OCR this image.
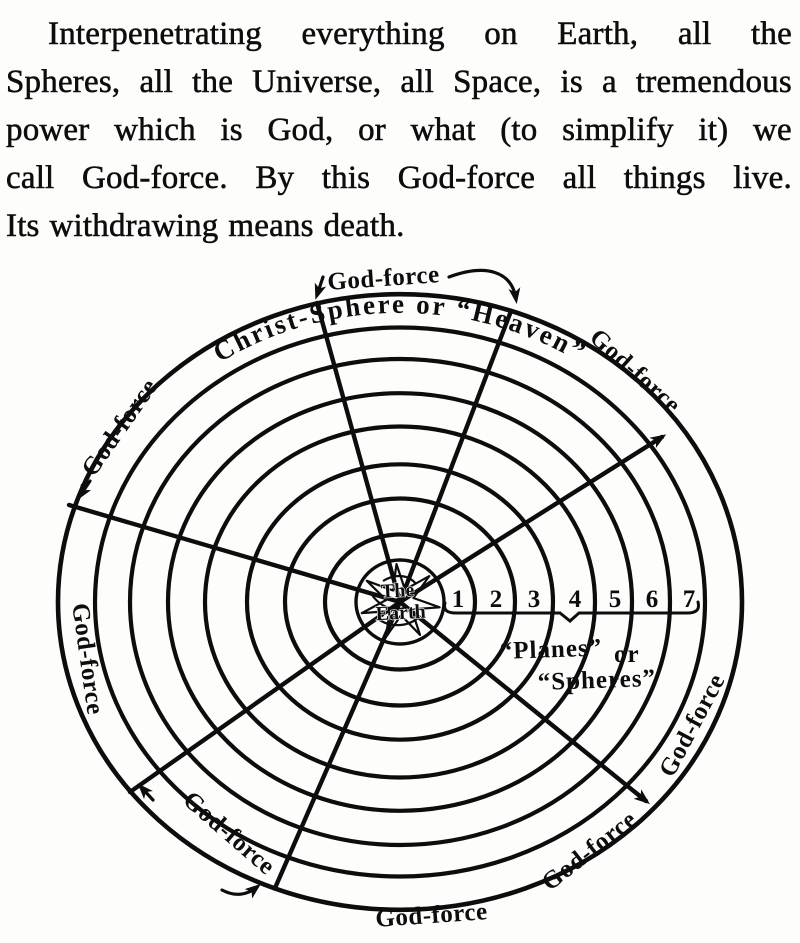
Interpenetrating everything on Earth, all the
Spheres, all the Universe, all Space, is a tremendous
power which is God, or what (to simplify it) we
call God-force. By this God-force all things live.
Its withdrawing means death.
Christ-Sphere or “Heaven”
God-force
God-force
God-force
God-force
God-force
God-force
God-force
God-force
The
Earth
1 2 3 4 5 6 7
“Planes” or
“Spheres”
